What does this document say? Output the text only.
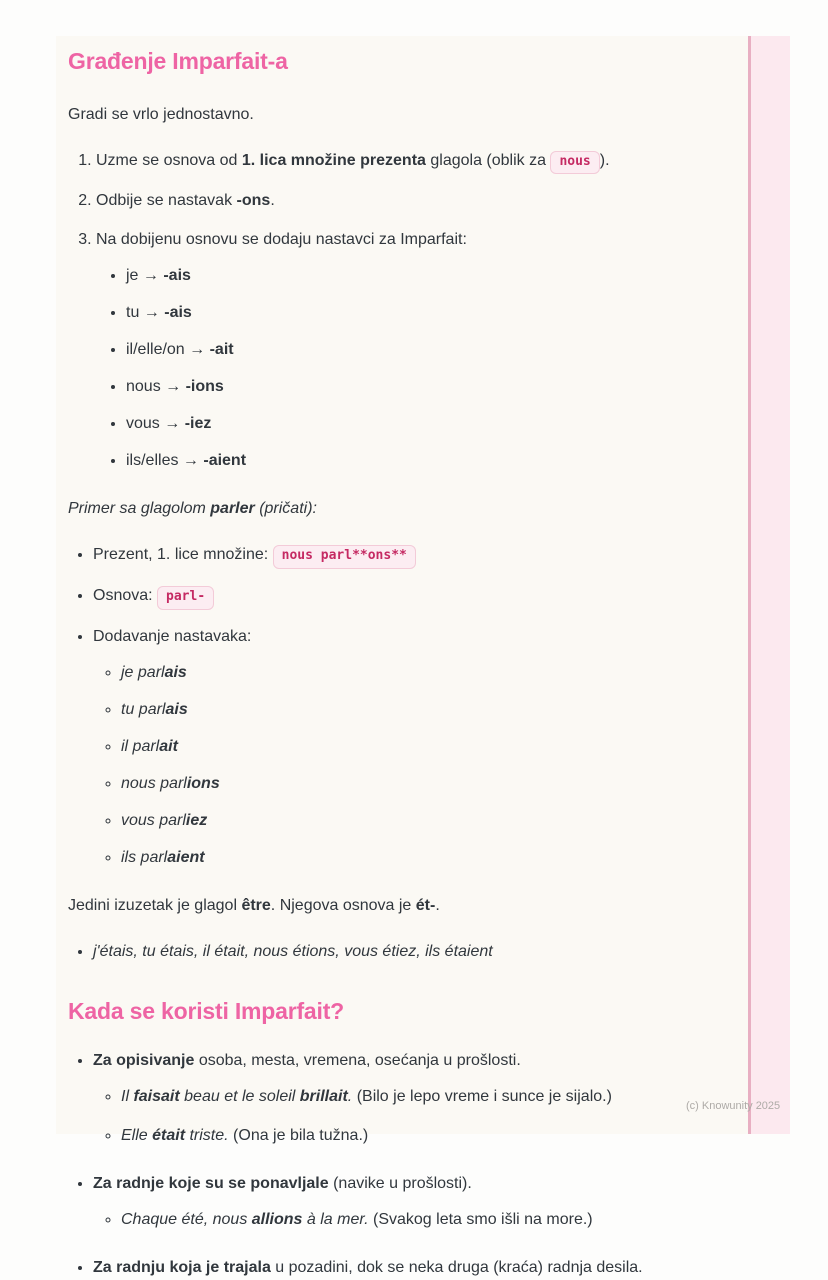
Građenje Imparfait-a

Gradi se vrlo jednostavno.

1. Uzme se osnova od 1. lica množine prezenta glagola (oblik za nous ).
2. Odbije se nastavak -ons.
3. Na dobijenu osnovu se dodaju nastavci za Imparfait:
• je → -ais
• tu → -ais
• il/elle/on → -ait
• nous → -ions
• vous → -iez
• ils/elles → -aient

Primer sa glagolom parler (pričati):

• Prezent, 1. lice množine: nous parl**ons**
• Osnova: parl-
• Dodavanje nastavaka:
◦ je parlais
◦ tu parlais
◦ il parlait
◦ nous parlions
◦ vous parliez
◦ ils parlaient

Jedini izuzetak je glagol être. Njegova osnova je ét-.

• j'étais, tu étais, il était, nous étions, vous étiez, ils étaient
Kada se koristi Imparfait?
• Za opisivanje osoba, mesta, vremena, osećanja u prošlosti.
◦ Il faisait beau et le soleil brillait. (Bilo je lepo vreme i sunce je sijalo.)
◦ Elle était triste. (Ona je bila tužna.)
• Za radnje koje su se ponavljale (navike u prošlosti).
◦ Chaque été, nous allions à la mer. (Svakog leta smo išli na more.)
• Za radnju koja je trajala u pozadini, dok se neka druga (kraća) radnja desila.
(c) Knowunity 2025
